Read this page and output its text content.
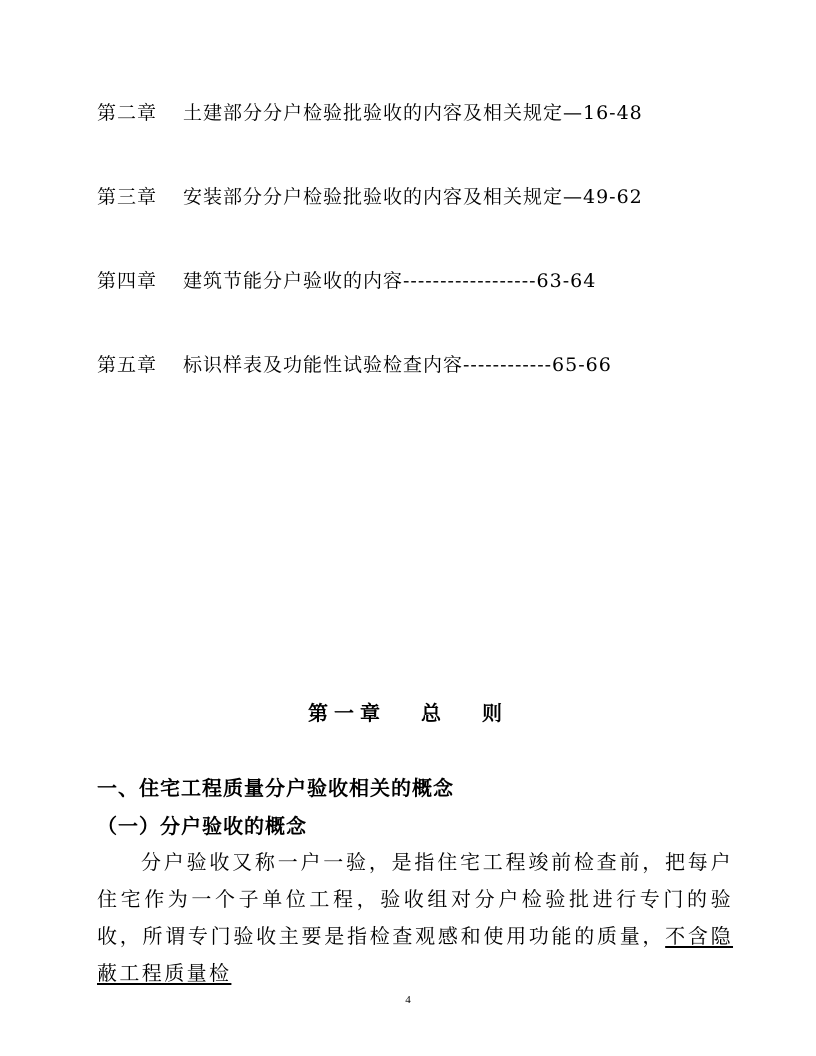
第二章 土建部分分户检验批验收的内容及相关规定—16-48
第三章 安装部分分户检验批验收的内容及相关规定—49-62
第四章 建筑节能分户验收的内容------------------63-64
第五章 标识样表及功能性试验检查内容------------65-66
第一章 总 则
一、住宅工程质量分户验收相关的概念
（一）分户验收的概念
分户验收又称一户一验，是指住宅工程竣前检查前，把每户住宅作为一个子单位工程，验收组对分户检验批进行专门的验收，所谓专门验收主要是指检查观感和使用功能的质量，不含隐蔽工程质量检
4
